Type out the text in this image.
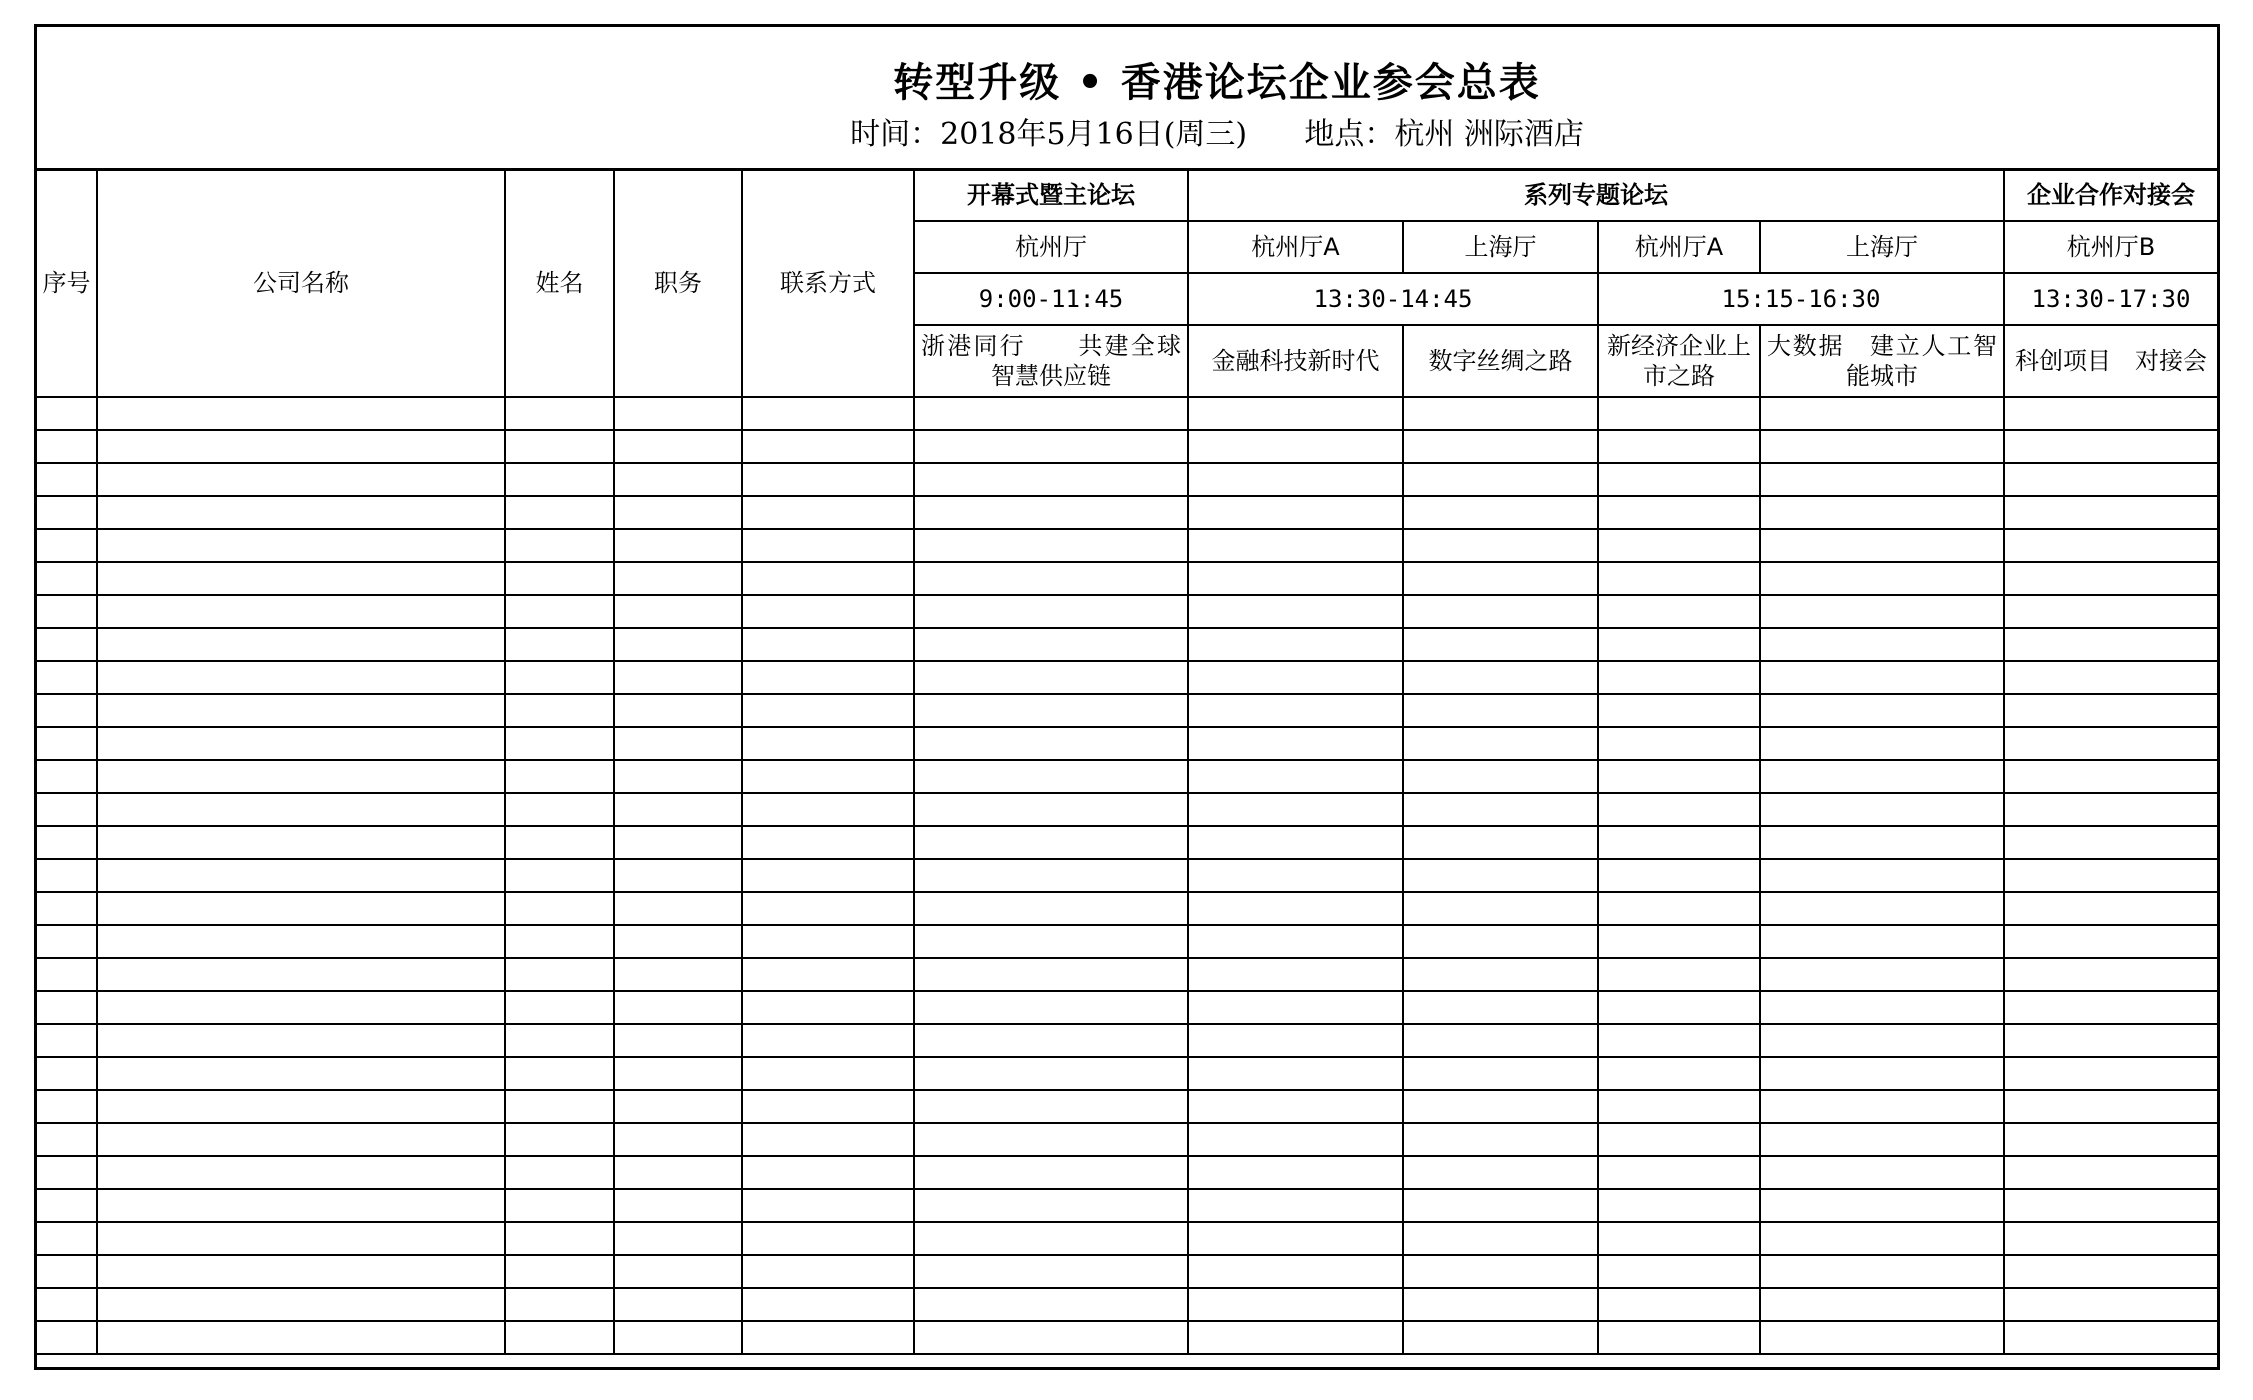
转型升级 • 香港论坛企业参会总表
时间：2018年5月16日(周三)      地点：杭州 洲际酒店
序号	公司名称	姓名	职务	联系方式	开幕式暨主论坛	系列专题论坛				企业合作对接会
					杭州厅	杭州厅A	上海厅	杭州厅A	上海厅	杭州厅B
					9:00-11:45	13:30-14:45		15:15-16:30		13:30-17:30

					浙港同行　　共建全球智慧供应链	金融科技新时代	数字丝绸之路	新经济企业上市之路	大数据　建立人工智能城市	科创项目　对接会
